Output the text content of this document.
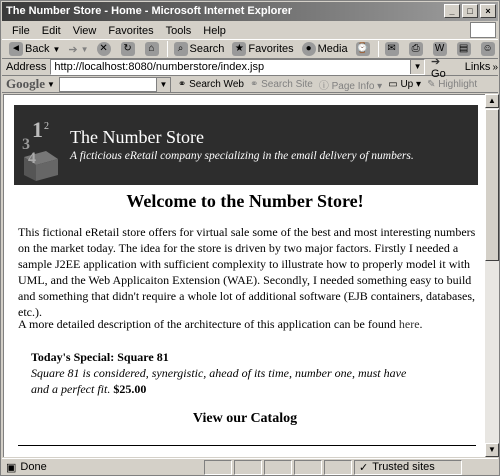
The Number Store - Home - Microsoft Internet Explorer	_	□	×
File	Edit	View	Favorites	Tools	Help
◄ Back ▼ ➔ ▼ ✕ ↻	⌂	⌕ Search ★ Favorites	● Media ⌚ ✉	⎙	W ▤ ☺
Address http://localhost:8080/numberstore/index.jsp	▼ ➔ Go
Links »
Google ▼	▼ ⚭ Search Web ⚭ Search Site ⓘ Page Info ▾ ▭ Up ▾ ✎ Highlight
1
3
4
2
The Number Store
A ficticious eRetail company specializing in the email delivery of numbers.
Welcome to the Number Store!
This fictional eRetail store offers for virtual sale some of the best and most interesting numbers on the market today. The idea for the store is driven by two major factors. Firstly I needed a sample J2EE application with sufficient complexity to illustrate how to properly model it with UML, and the Web Applicaiton Extension (WAE). Secondly, I needed something easy to build and something that didn't require a whole lot of additional software (EJB containers, databases, etc.).
A more detailed description of the architecture of this application can be found here.
Today's Special: Square 81
Square 81 is considered, synergistic, ahead of its time, number one, must have and a perfect fit. $25.00
View our Catalog
▲
▼
▣ Done	✓ Trusted sites
